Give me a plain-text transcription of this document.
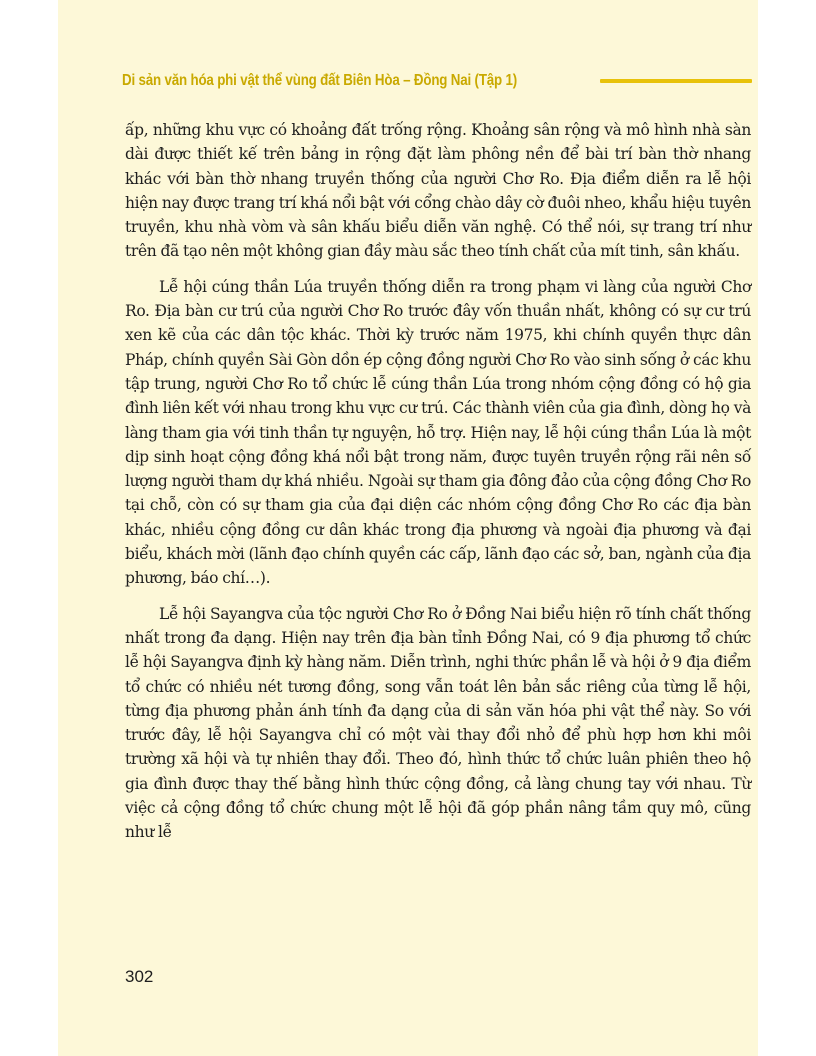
Di sản văn hóa phi vật thể vùng đất Biên Hòa – Đồng Nai (Tập 1)

ấp, những khu vực có khoảng đất trống rộng. Khoảng sân rộng và mô hình nhà sàn dài được thiết kế trên bảng in rộng đặt làm phông nền để bài trí bàn thờ nhang khác với bàn thờ nhang truyền thống của người Chơ Ro. Địa điểm diễn ra lễ hội hiện nay được trang trí khá nổi bật với cổng chào dây cờ đuôi nheo, khẩu hiệu tuyên truyền, khu nhà vòm và sân khấu biểu diễn văn nghệ. Có thể nói, sự trang trí như trên đã tạo nên một không gian đầy màu sắc theo tính chất của mít tinh, sân khấu.

Lễ hội cúng thần Lúa truyền thống diễn ra trong phạm vi làng của người Chơ Ro. Địa bàn cư trú của người Chơ Ro trước đây vốn thuần nhất, không có sự cư trú xen kẽ của các dân tộc khác. Thời kỳ trước năm 1975, khi chính quyền thực dân Pháp, chính quyền Sài Gòn dồn ép cộng đồng người Chơ Ro vào sinh sống ở các khu tập trung, người Chơ Ro tổ chức lễ cúng thần Lúa trong nhóm cộng đồng có hộ gia đình liên kết với nhau trong khu vực cư trú. Các thành viên của gia đình, dòng họ và làng tham gia với tinh thần tự nguyện, hỗ trợ. Hiện nay, lễ hội cúng thần Lúa là một dịp sinh hoạt cộng đồng khá nổi bật trong năm, được tuyên truyền rộng rãi nên số lượng người tham dự khá nhiều. Ngoài sự tham gia đông đảo của cộng đồng Chơ Ro tại chỗ, còn có sự tham gia của đại diện các nhóm cộng đồng Chơ Ro các địa bàn khác, nhiều cộng đồng cư dân khác trong địa phương và ngoài địa phương và đại biểu, khách mời (lãnh đạo chính quyền các cấp, lãnh đạo các sở, ban, ngành của địa phương, báo chí…).

Lễ hội Sayangva của tộc người Chơ Ro ở Đồng Nai biểu hiện rõ tính chất thống nhất trong đa dạng. Hiện nay trên địa bàn tỉnh Đồng Nai, có 9 địa phương tổ chức lễ hội Sayangva định kỳ hàng năm. Diễn trình, nghi thức phần lễ và hội ở 9 địa điểm tổ chức có nhiều nét tương đồng, song vẫn toát lên bản sắc riêng của từng lễ hội, từng địa phương phản ánh tính đa dạng của di sản văn hóa phi vật thể này. So với trước đây, lễ hội Sayangva chỉ có một vài thay đổi nhỏ để phù hợp hơn khi môi trường xã hội và tự nhiên thay đổi. Theo đó, hình thức tổ chức luân phiên theo hộ gia đình được thay thế bằng hình thức cộng đồng, cả làng chung tay với nhau. Từ việc cả cộng đồng tổ chức chung một lễ hội đã góp phần nâng tầm quy mô, cũng như lễ

302
